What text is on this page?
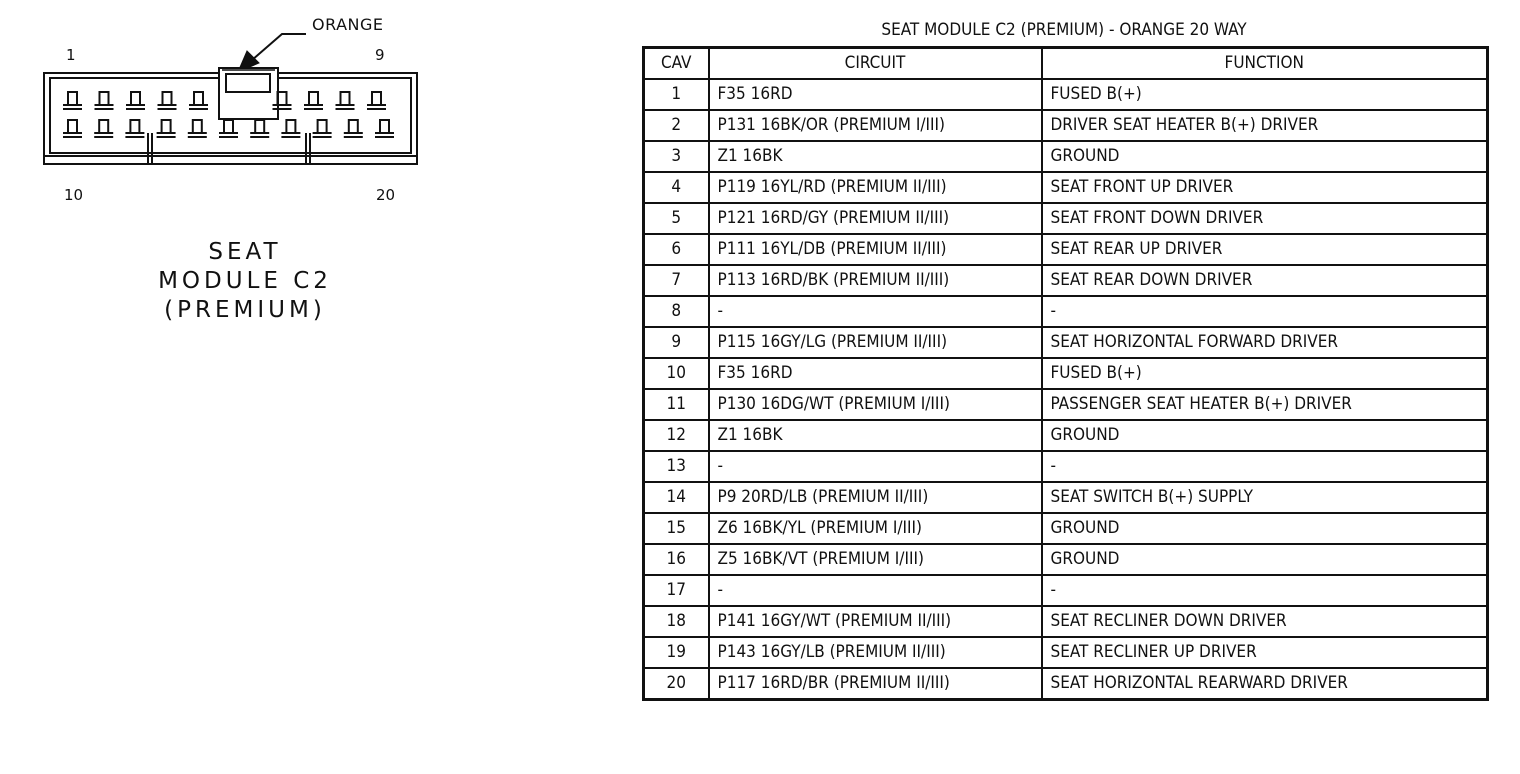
ORANGE
1	9
10	20
SEAT
MODULE C2
(PREMIUM)
SEAT MODULE C2 (PREMIUM) - ORANGE 20 WAY
CAV	CIRCUIT	FUNCTION
1	F35 16RD	FUSED B(+)
2	P131 16BK/OR (PREMIUM I/III)	DRIVER SEAT HEATER B(+) DRIVER
3	Z1 16BK	GROUND
4	P119 16YL/RD (PREMIUM II/III)	SEAT FRONT UP DRIVER
5	P121 16RD/GY (PREMIUM II/III)	SEAT FRONT DOWN DRIVER
6	P111 16YL/DB (PREMIUM II/III)	SEAT REAR UP DRIVER
7	P113 16RD/BK (PREMIUM II/III)	SEAT REAR DOWN DRIVER
8	-	-
9	P115 16GY/LG (PREMIUM II/III)	SEAT HORIZONTAL FORWARD DRIVER
10	F35 16RD	FUSED B(+)
11	P130 16DG/WT (PREMIUM I/III)	PASSENGER SEAT HEATER B(+) DRIVER
12	Z1 16BK	GROUND
13	-	-
14	P9 20RD/LB (PREMIUM II/III)	SEAT SWITCH B(+) SUPPLY
15	Z6 16BK/YL (PREMIUM I/III)	GROUND
16	Z5 16BK/VT (PREMIUM I/III)	GROUND
17	-	-
18	P141 16GY/WT (PREMIUM II/III)	SEAT RECLINER DOWN DRIVER
19	P143 16GY/LB (PREMIUM II/III)	SEAT RECLINER UP DRIVER
20	P117 16RD/BR (PREMIUM II/III)	SEAT HORIZONTAL REARWARD DRIVER
